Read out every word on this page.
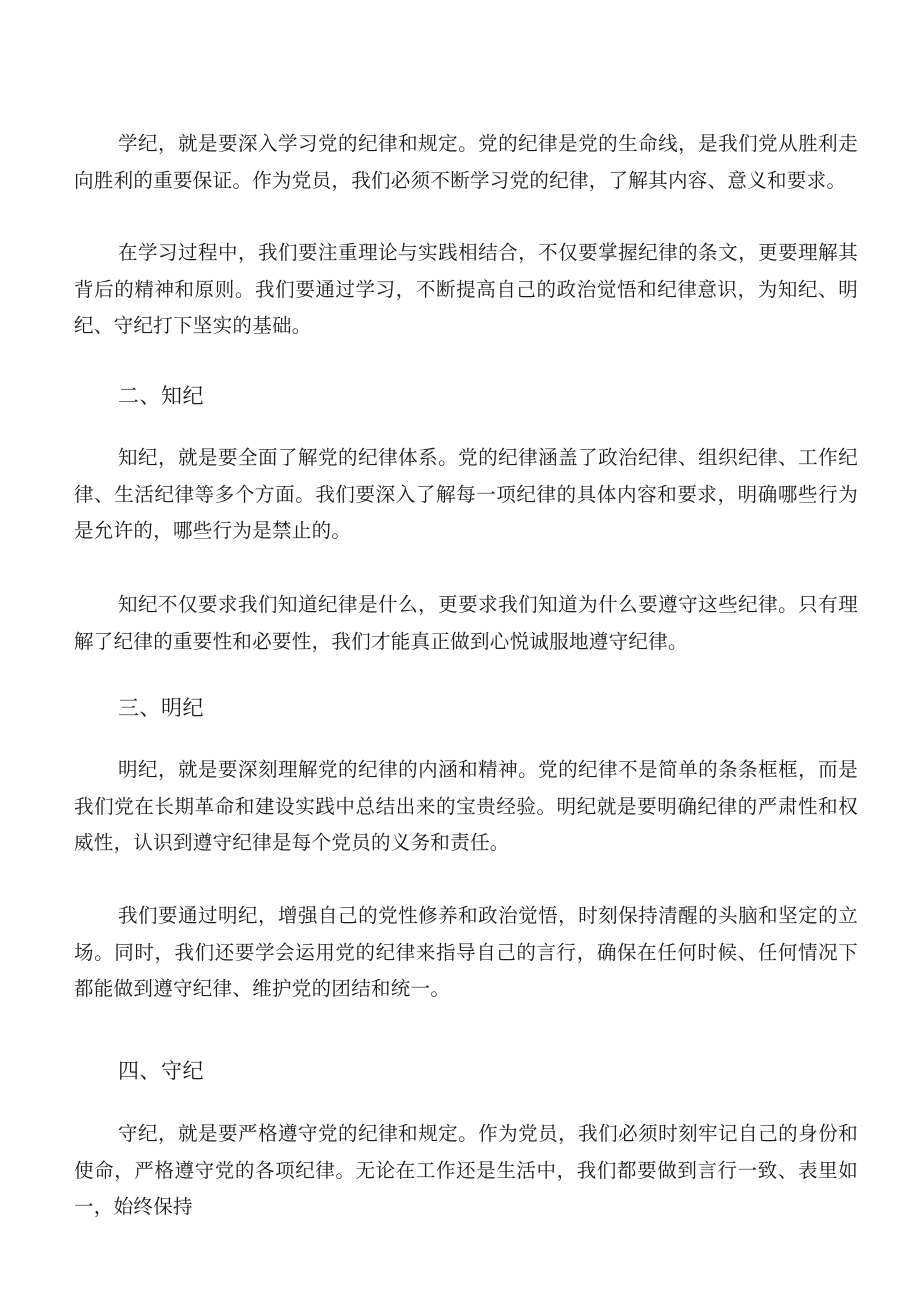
学纪，就是要深入学习党的纪律和规定。党的纪律是党的生命线，是我们党从胜利走向胜利的重要保证。作为党员，我们必须不断学习党的纪律，了解其内容、意义和要求。

在学习过程中，我们要注重理论与实践相结合，不仅要掌握纪律的条文，更要理解其背后的精神和原则。我们要通过学习，不断提高自己的政治觉悟和纪律意识，为知纪、明纪、守纪打下坚实的基础。

二、知纪

知纪，就是要全面了解党的纪律体系。党的纪律涵盖了政治纪律、组织纪律、工作纪律、生活纪律等多个方面。我们要深入了解每一项纪律的具体内容和要求，明确哪些行为是允许的，哪些行为是禁止的。

知纪不仅要求我们知道纪律是什么，更要求我们知道为什么要遵守这些纪律。只有理解了纪律的重要性和必要性，我们才能真正做到心悦诚服地遵守纪律。

三、明纪

明纪，就是要深刻理解党的纪律的内涵和精神。党的纪律不是简单的条条框框，而是我们党在长期革命和建设实践中总结出来的宝贵经验。明纪就是要明确纪律的严肃性和权威性，认识到遵守纪律是每个党员的义务和责任。

我们要通过明纪，增强自己的党性修养和政治觉悟，时刻保持清醒的头脑和坚定的立场。同时，我们还要学会运用党的纪律来指导自己的言行，确保在任何时候、任何情况下都能做到遵守纪律、维护党的团结和统一。

四、守纪

守纪，就是要严格遵守党的纪律和规定。作为党员，我们必须时刻牢记自己的身份和使命，严格遵守党的各项纪律。无论在工作还是生活中，我们都要做到言行一致、表里如一，始终保持
